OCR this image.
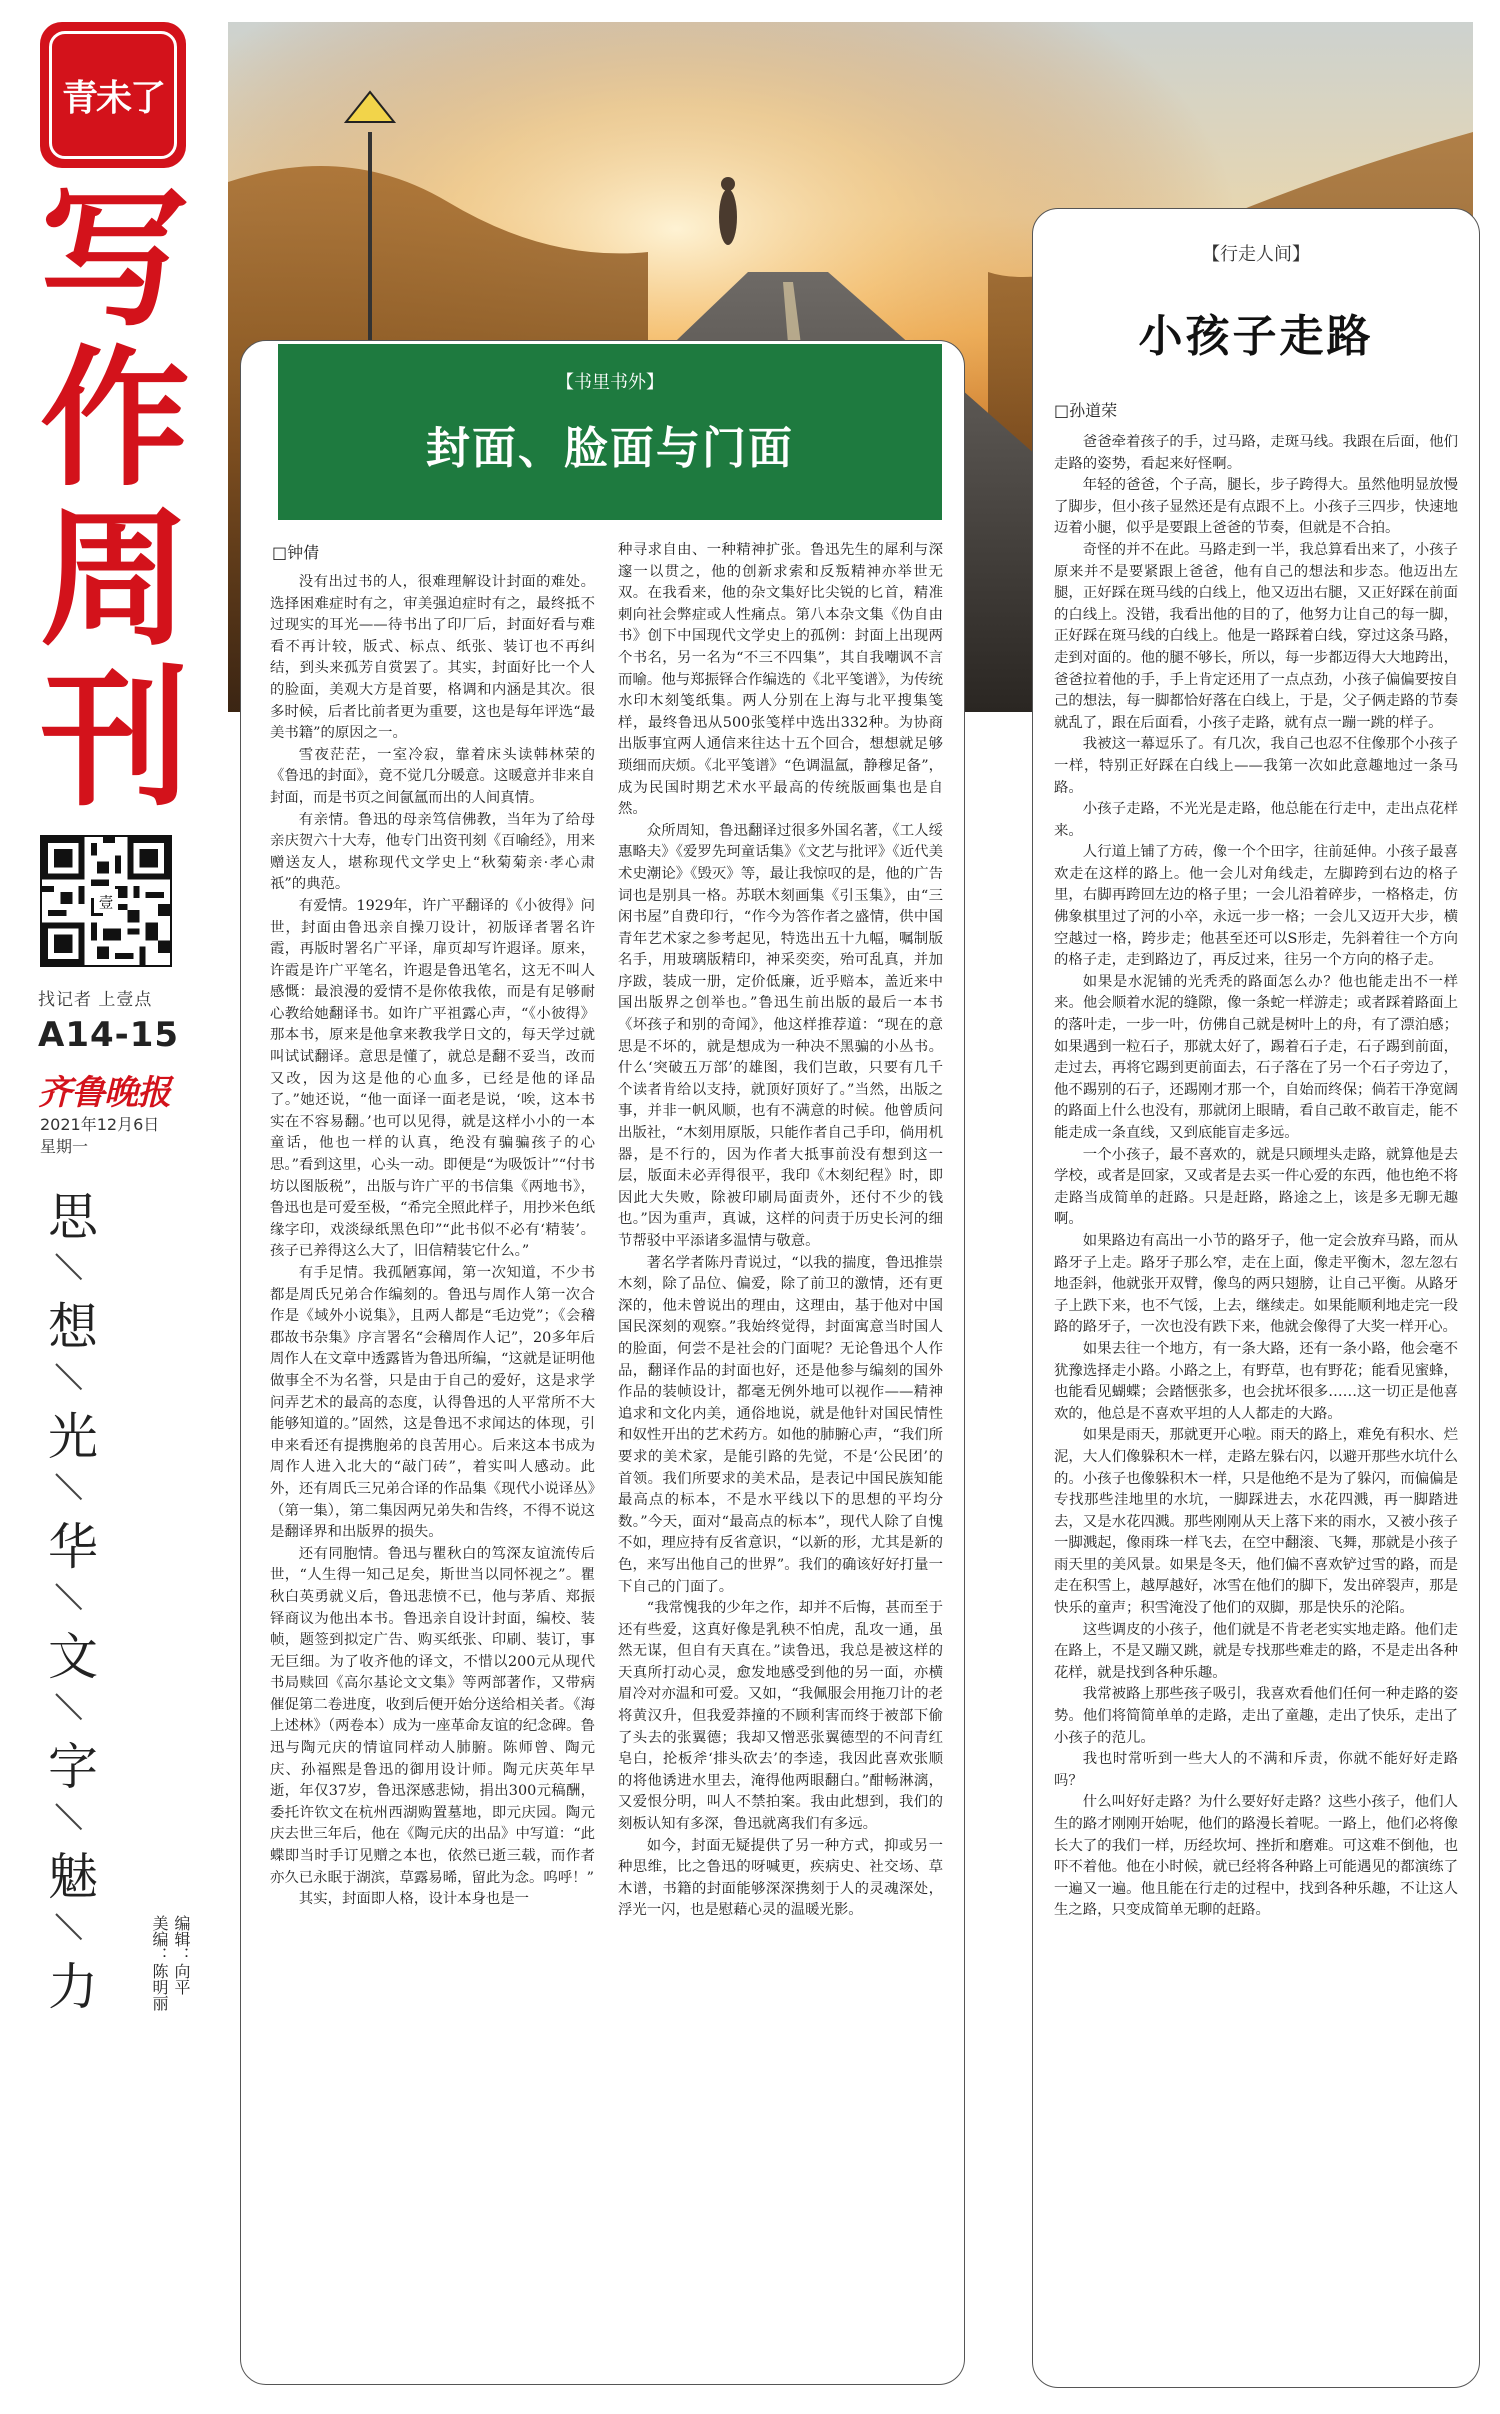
青未了
写
作
周
刊
壹
找记者 上壹点
A14-15
齐鲁晚报
2021年12月6日
星期一
思
想
光
华
文
字
魅
力	美编：陈明丽 编辑：向平
【书里书外】
封面、脸面与门面
□钟倩

没有出过书的人，很难理解设计封面的难处。选择困难症时有之，审美强迫症时有之，最终抵不过现实的耳光——待书出了印厂后，封面好看与难看不再计较，版式、标点、纸张、装订也不再纠结，到头来孤芳自赏罢了。其实，封面好比一个人的脸面，美观大方是首要，格调和内涵是其次。很多时候，后者比前者更为重要，这也是每年评选“最美书籍”的原因之一。

雪夜茫茫，一室冷寂，靠着床头读韩林荣的《鲁迅的封面》，竟不觉几分暖意。这暖意并非来自封面，而是书页之间氤氲而出的人间真情。

有亲情。鲁迅的母亲笃信佛教，当年为了给母亲庆贺六十大寿，他专门出资刊刻《百喻经》，用来赠送友人，堪称现代文学史上“秋菊菊亲·孝心肃祇”的典范。

有爱情。1929年，许广平翻译的《小彼得》问世，封面由鲁迅亲自操刀设计，初版译者署名许霞，再版时署名广平译，扉页却写许遐译。原来，许霞是许广平笔名，许遐是鲁迅笔名，这无不叫人感慨：最浪漫的爱情不是你侬我侬，而是有足够耐心教给她翻译书。如许广平祖露心声，“《小彼得》那本书，原来是他拿来教我学日文的，每天学过就叫试试翻译。意思是懂了，就总是翻不妥当，改而又改，因为这是他的心血多，已经是他的译品了。”她还说，“他一面译一面老是说，‘唉，这本书实在不容易翻。’也可以见得，就是这样小小的一本童话，他也一样的认真，绝没有骗骗孩子的心思。”看到这里，心头一动。即便是“为吸饭计”“付书坊以图版税”，出版与许广平的书信集《两地书》，鲁迅也是可爱至极，“希完全照此样子，用抄米色纸缘字印，戏淡绿纸黑色印”“此书似不必有‘精装’。孩子已养得这么大了，旧信精装它什么。”

有手足情。我孤陋寡闻，第一次知道，不少书都是周氏兄弟合作编刻的。鲁迅与周作人第一次合作是《域外小说集》，且两人都是“毛边党”；《会稽郡故书杂集》序言署名“会稽周作人记”，20多年后周作人在文章中透露皆为鲁迅所编，“这就是证明他做事全不为名誉，只是由于自己的爱好，这是求学问弄艺术的最高的态度，认得鲁迅的人平常所不大能够知道的。”固然，这是鲁迅不求闻达的体现，引申来看还有提携胞弟的良苦用心。后来这本书成为周作人进入北大的“敲门砖”，着实叫人感动。此外，还有周氏三兄弟合译的作品集《现代小说译丛》（第一集），第二集因两兄弟失和告终，不得不说这是翻译界和出版界的损失。

还有同胞情。鲁迅与瞿秋白的笃深友谊流传后世，“人生得一知己足矣，斯世当以同怀视之”。瞿秋白英勇就义后，鲁迅悲愤不已，他与茅盾、郑振铎商议为他出本书。鲁迅亲自设计封面，编校、装帧，题签到拟定广告、购买纸张、印刷、装订，事无巨细。为了收齐他的译文，不惜以200元从现代书局赎回《高尔基论文文集》等两部著作，又带病催促第二卷进度，收到后便开始分送给相关者。《海上述林》（两卷本）成为一座革命友谊的纪念碑。鲁迅与陶元庆的情谊同样动人肺腑。陈师曾、陶元庆、孙福熙是鲁迅的御用设计师。陶元庆英年早逝，年仅37岁，鲁迅深感悲恸，捐出300元稿酬，委托许钦文在杭州西湖购置墓地，即元庆园。陶元庆去世三年后，他在《陶元庆的出品》中写道：“此蝶即当时手订见赠之本也，依然已逝三载，而作者亦久已永眠于湖滨，草露易晞，留此为念。呜呼！”

其实，封面即人格，设计本身也是一

种寻求自由、一种精神扩张。鲁迅先生的犀利与深邃一以贯之，他的创新求索和反叛精神亦举世无双。在我看来，他的杂文集好比尖锐的匕首，精准刺向社会弊症或人性痛点。第八本杂文集《伪自由书》创下中国现代文学史上的孤例：封面上出现两个书名，另一名为“不三不四集”，其自我嘲讽不言而喻。他与郑振铎合作编选的《北平笺谱》，为传统水印木刻笺纸集。两人分别在上海与北平搜集笺样，最终鲁迅从500张笺样中选出332种。为协商出版事宜两人通信来往达十五个回合，想想就足够琐细而庆烦。《北平笺谱》“色调温氲，静穆足备”，成为民国时期艺术水平最高的传统版画集也是自然。

众所周知，鲁迅翻译过很多外国名著，《工人绥惠略夫》《爱罗先珂童话集》《文艺与批评》《近代美术史潮论》《毁灭》等，最让我惊叹的是，他的广告词也是别具一格。苏联木刻画集《引玉集》，由“三闲书屋”自费印行，“作今为答作者之盛情，供中国青年艺术家之参考起见，特选出五十九幅，嘱制版名手，用玻璃版精印，神采奕奕，殆可乱真，并加序跋，装成一册，定价低廉，近乎赔本，盖近来中国出版界之创举也。”鲁迅生前出版的最后一本书《坏孩子和别的奇闻》，他这样推荐道：“现在的意思是不坏的，就是想成为一种决不黑骗的小丛书。什么‘突破五万部’的雄图，我们岂敢，只要有几千个读者肯给以支持，就顶好顶好了。”当然，出版之事，并非一帆风顺，也有不满意的时候。他曾质问出版社，“木刻用原版，只能作者自己手印，倘用机器，是不行的，因为作者大抵事前没有想到这一层，版面未必弄得很平，我印《木刻纪程》时，即因此大失败，除被印刷局面责外，还付不少的钱也。”因为重声，真诚，这样的问责于历史长河的细节帮驳中平添诸多温情与敬意。

著名学者陈丹青说过，“以我的揣度，鲁迅推崇木刻，除了品位、偏爱，除了前卫的激情，还有更深的，他未曾说出的理由，这理由，基于他对中国国民深刻的观察。”我始终觉得，封面寓意当时国人的脸面，何尝不是社会的门面呢？无论鲁迅个人作品，翻译作品的封面也好，还是他参与编刻的国外作品的装帧设计，都毫无例外地可以视作——精神追求和文化内美，通俗地说，就是他针对国民情性和奴性开出的艺术药方。如他的肺腑心声，“我们所要求的美术家，是能引路的先觉，不是‘公民团’的首领。我们所要求的美术品，是表记中国民族知能最高点的标本，不是水平线以下的思想的平均分数。”今天，面对“最高点的标本”，现代人除了自愧不如，理应持有反省意识，“以新的形，尤其是新的色，来写出他自己的世界”。我们的确该好好打量一下自己的门面了。

“我常愧我的少年之作，却并不后悔，甚而至于还有些爱，这真好像是乳秧不怕虎，乱攻一通，虽然无谋，但自有天真在。”读鲁迅，我总是被这样的天真所打动心灵，愈发地感受到他的另一面，亦横眉冷对亦温和可爱。又如，“我佩服会用拖刀计的老将黄汉升，但我爱莽撞的不顾利害而终于被部下偷了头去的张翼德；我却又憎恶张翼德型的不问青红皂白，抡板斧‘排头砍去’的李逵，我因此喜欢张顺的将他诱进水里去，淹得他两眼翻白。”酣畅淋漓，又爱恨分明，叫人不禁拍案。我由此想到，我们的刻板认知有多深，鲁迅就离我们有多远。

如今，封面无疑提供了另一种方式，抑或另一种思维，比之鲁迅的呀喊更，疾病史、社交场、草木谱，书籍的封面能够深深携刻于人的灵魂深处，浮光一闪，也是慰藉心灵的温暖光影。

【行走人间】
小孩子走路
□孙道荣

爸爸牵着孩子的手，过马路，走斑马线。我跟在后面，他们走路的姿势，看起来好怪啊。

年轻的爸爸，个子高，腿长，步子跨得大。虽然他明显放慢了脚步，但小孩子显然还是有点跟不上。小孩子三四步，快速地迈着小腿，似乎是要跟上爸爸的节奏，但就是不合拍。

奇怪的并不在此。马路走到一半，我总算看出来了，小孩子原来并不是要紧跟上爸爸，他有自己的想法和步态。他迈出左腿，正好踩在斑马线的白线上，他又迈出右腿，又正好踩在前面的白线上。没错，我看出他的目的了，他努力让自己的每一脚，正好踩在斑马线的白线上。他是一路踩着白线，穿过这条马路，走到对面的。他的腿不够长，所以，每一步都迈得大大地跨出，爸爸拉着他的手，手上肯定还用了一点点劲，小孩子偏偏要按自己的想法，每一脚都恰好落在白线上，于是，父子俩走路的节奏就乱了，跟在后面看，小孩子走路，就有点一蹦一跳的样子。

我被这一幕逗乐了。有几次，我自己也忍不住像那个小孩子一样，特别正好踩在白线上——我第一次如此意趣地过一条马路。

小孩子走路，不光光是走路，他总能在行走中，走出点花样来。

人行道上铺了方砖，像一个个田字，往前延伸。小孩子最喜欢走在这样的路上。他一会儿对角线走，左脚跨到右边的格子里，右脚再跨回左边的格子里；一会儿沿着碎步，一格格走，仿佛象棋里过了河的小卒，永远一步一格；一会儿又迈开大步，横空越过一格，跨步走；他甚至还可以S形走，先斜着往一个方向的格子走，走到路边了，再反过来，往另一个方向的格子走。

如果是水泥铺的光秃秃的路面怎么办？他也能走出不一样来。他会顺着水泥的缝隙，像一条蛇一样游走；或者踩着路面上的落叶走，一步一叶，仿佛自己就是树叶上的舟，有了漂泊感；如果遇到一粒石子，那就太好了，踢着石子走，石子踢到前面，走过去，再将它踢到更前面去，石子落在了另一个石子旁边了，他不踢别的石子，还踢刚才那一个，自始而终保；倘若干净宽阔的路面上什么也没有，那就闭上眼睛，看自己敢不敢盲走，能不能走成一条直线，又到底能盲走多远。

一个小孩子，最不喜欢的，就是只顾埋头走路，就算他是去学校，或者是回家，又或者是去买一件心爱的东西，他也绝不将走路当成简单的赶路。只是赶路，路途之上，该是多无聊无趣啊。

如果路边有高出一小节的路牙子，他一定会放弃马路，而从路牙子上走。路牙子那么窄，走在上面，像走平衡木，忽左忽右地歪斜，他就张开双臂，像鸟的两只翅膀，让自己平衡。从路牙子上跌下来，也不气馁，上去，继续走。如果能顺利地走完一段路的路牙子，一次也没有跌下来，他就会像得了大奖一样开心。

如果去往一个地方，有一条大路，还有一条小路，他会毫不犹豫选择走小路。小路之上，有野草，也有野花；能看见蜜蜂，也能看见蝴蝶；会踏惬张多，也会扰坏很多……这一切正是他喜欢的，他总是不喜欢平坦的人人都走的大路。

如果是雨天，那就更开心啦。雨天的路上，难免有积水、烂泥，大人们像躲积木一样，走路左躲右闪，以避开那些水坑什么的。小孩子也像躲积木一样，只是他绝不是为了躲闪，而偏偏是专找那些洼地里的水坑，一脚踩进去，水花四溅，再一脚踏进去，又是水花四溅。那些刚刚从天上落下来的雨水，又被小孩子一脚溅起，像雨珠一样飞去，在空中翻滚、飞舞，那就是小孩子雨天里的美风景。如果是冬天，他们偏不喜欢铲过雪的路，而是走在积雪上，越厚越好，冰雪在他们的脚下，发出碎裂声，那是快乐的童声；积雪淹没了他们的双脚，那是快乐的沦陷。

这些调皮的小孩子，他们就是不肯老老实实地走路。他们走在路上，不是又蹦又跳，就是专找那些难走的路，不是走出各种花样，就是找到各种乐趣。

我常被路上那些孩子吸引，我喜欢看他们任何一种走路的姿势。他们将简简单单的走路，走出了童趣，走出了快乐，走出了小孩子的范儿。

我也时常听到一些大人的不满和斥责，你就不能好好走路吗？

什么叫好好走路？为什么要好好走路？这些小孩子，他们人生的路才刚刚开始呢，他们的路漫长着呢。一路上，他们必将像长大了的我们一样，历经坎坷、挫折和磨难。可这难不倒他，也吓不着他。他在小时候，就已经将各种路上可能遇见的都演练了一遍又一遍。他且能在行走的过程中，找到各种乐趣，不让这人生之路，只变成简单无聊的赶路。
